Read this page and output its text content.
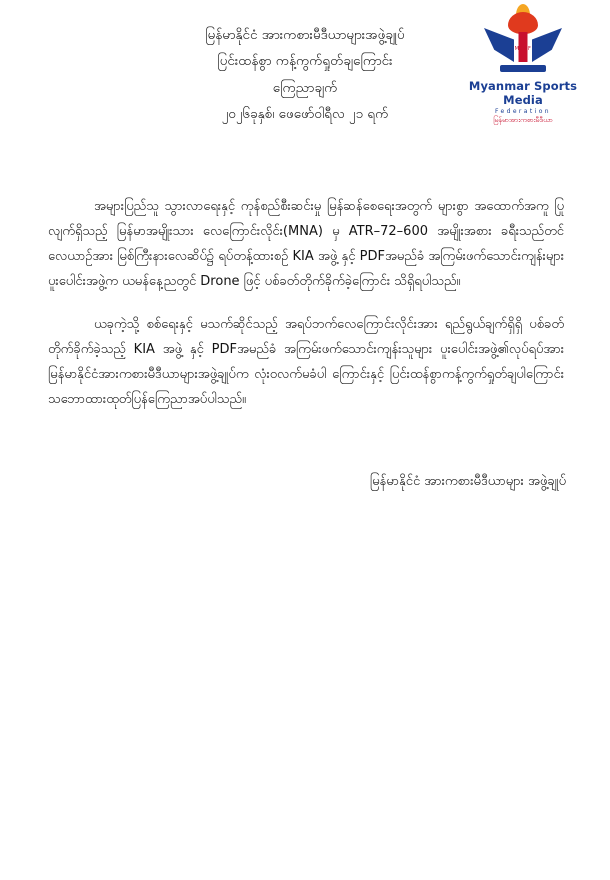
MSMF
Myanmar Sports Media
Federation
မြန်မာအားကစားမီဒီယာ
မြန်မာနိုင်ငံ အားကစားမီဒီယာများအဖွဲ့ချုပ်
ပြင်းထန်စွာ ကန့်ကွက်ရှုတ်ချကြောင်း
ကြေညာချက်
၂၀၂၆ခုနှစ်၊ ဖေဖော်ဝါရီလ ၂၁ ရက်

အများပြည်သူ သွားလာရေးနှင့် ကုန်စည်စီးဆင်းမှု မြန်ဆန်စေရေးအတွက် များစွာ အထောက်အကူ ပြုလျက်ရှိသည့် မြန်မာအမျိုးသား လေကြောင်းလိုင်း(MNA) မှ ATR–72–600 အမျိုးအစား ခရီးသည်တင် လေယာဉ်အား မြစ်ကြီးနားလေဆိပ်၌ ရပ်တန့်ထားစဉ် KIA အဖွဲ့ နှင့် PDFအမည်ခံ အကြမ်းဖက်သောင်းကျန်းများပူးပေါင်းအဖွဲ့က ယမန်နေ့ညတွင် Drone ဖြင့် ပစ်ခတ်တိုက်ခိုက်ခဲ့ကြောင်း သိရှိရပါသည်။

ယခုကဲ့သို့ စစ်ရေးနှင့် မသက်ဆိုင်သည့် အရပ်ဘက်လေကြောင်းလိုင်းအား ရည်ရွယ်ချက်ရှိရှိ ပစ်ခတ်တိုက်ခိုက်ခဲ့သည့် KIA အဖွဲ့ နှင့် PDFအမည်ခံ အကြမ်းဖက်သောင်းကျန်းသူများ ပူးပေါင်းအဖွဲ့၏လုပ်ရပ်အား မြန်မာနိုင်ငံအားကစားမီဒီယာများအဖွဲ့ချုပ်က လုံးဝလက်မခံပါ ကြောင်းနှင့် ပြင်းထန်စွာကန့်ကွက်ရှုတ်ချပါကြောင်း သဘောထားထုတ်ပြန်ကြေညာအပ်ပါသည်။

မြန်မာနိုင်ငံ အားကစားမီဒီယာများ အဖွဲ့ချုပ်
